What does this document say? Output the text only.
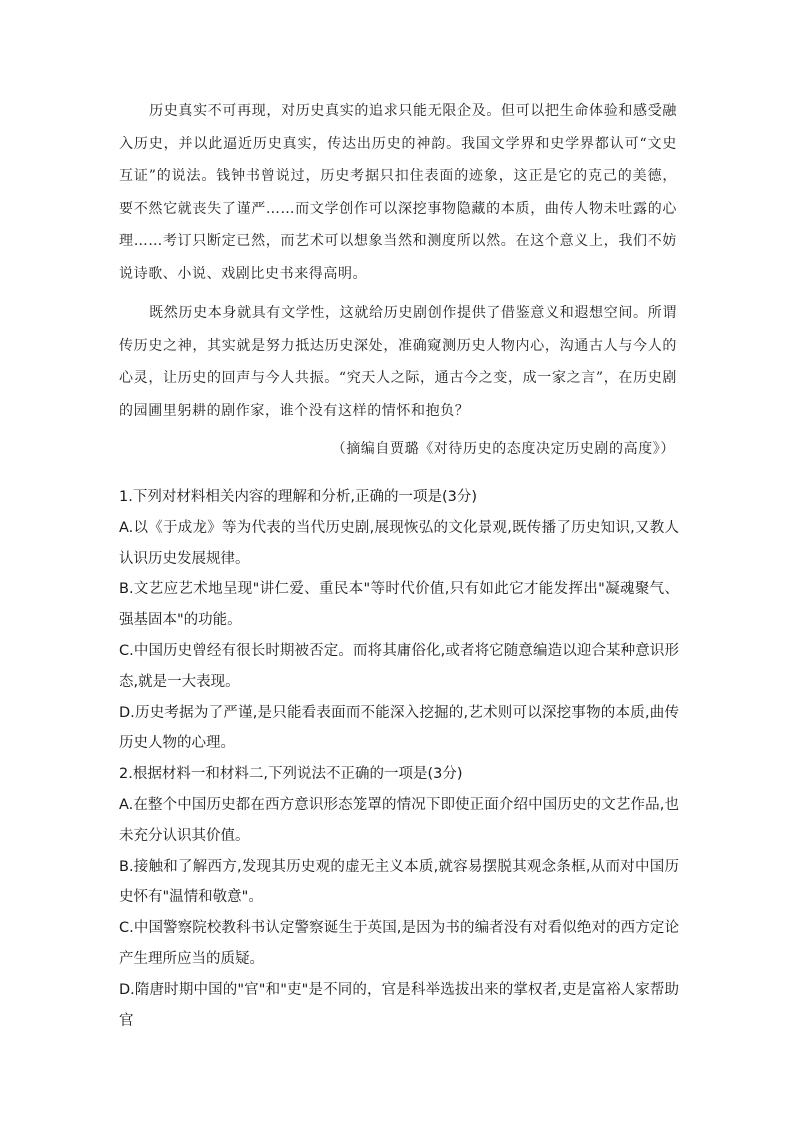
历史真实不可再现，对历史真实的追求只能无限企及。但可以把生命体验和感受融入历史，并以此逼近历史真实，传达出历史的神韵。我国文学界和史学界都认可“文史互证”的说法。钱钟书曾说过，历史考据只扣住表面的迹象，这正是它的克己的美德，要不然它就丧失了谨严……而文学创作可以深挖事物隐藏的本质，曲传人物未吐露的心理……考订只断定已然，而艺术可以想象当然和测度所以然。在这个意义上，我们不妨说诗歌、小说、戏剧比史书来得高明。
既然历史本身就具有文学性，这就给历史剧创作提供了借鉴意义和遐想空间。所谓传历史之神，其实就是努力抵达历史深处，准确窥测历史人物内心，沟通古人与今人的心灵，让历史的回声与今人共振。“究天人之际，通古今之变，成一家之言”，在历史剧的园圃里躬耕的剧作家，谁个没有这样的情怀和抱负？
（摘编自贾璐《对待历史的态度决定历史剧的高度》）

1.下列对材料相关内容的理解和分析,正确的一项是(3分)

A.以《于成龙》等为代表的当代历史剧,展现恢弘的文化景观,既传播了历史知识,又教人认识历史发展规律。

B.文艺应艺术地呈现"讲仁爱、重民本"等时代价值,只有如此它才能发挥出"凝魂聚气、强基固本"的功能。

C.中国历史曾经有很长时期被否定。而将其庸俗化,或者将它随意编造以迎合某种意识形态,就是一大表现。

D.历史考据为了严谨,是只能看表面而不能深入挖掘的,艺术则可以深挖事物的本质,曲传历史人物的心理。

2.根据材料一和材料二,下列说法不正确的一项是(3分)

A.在整个中国历史都在西方意识形态笼罩的情况下即使正面介绍中国历史的文艺作品,也未充分认识其价值。

B.接触和了解西方,发现其历史观的虚无主义本质,就容易摆脱其观念条框,从而对中国历史怀有"温情和敬意"。

C.中国警察院校教科书认定警察诞生于英国,是因为书的编者没有对看似绝对的西方定论产生理所应当的质疑。

D.隋唐时期中国的"官"和"吏"是不同的，官是科举选拔出来的掌权者,吏是富裕人家帮助官
